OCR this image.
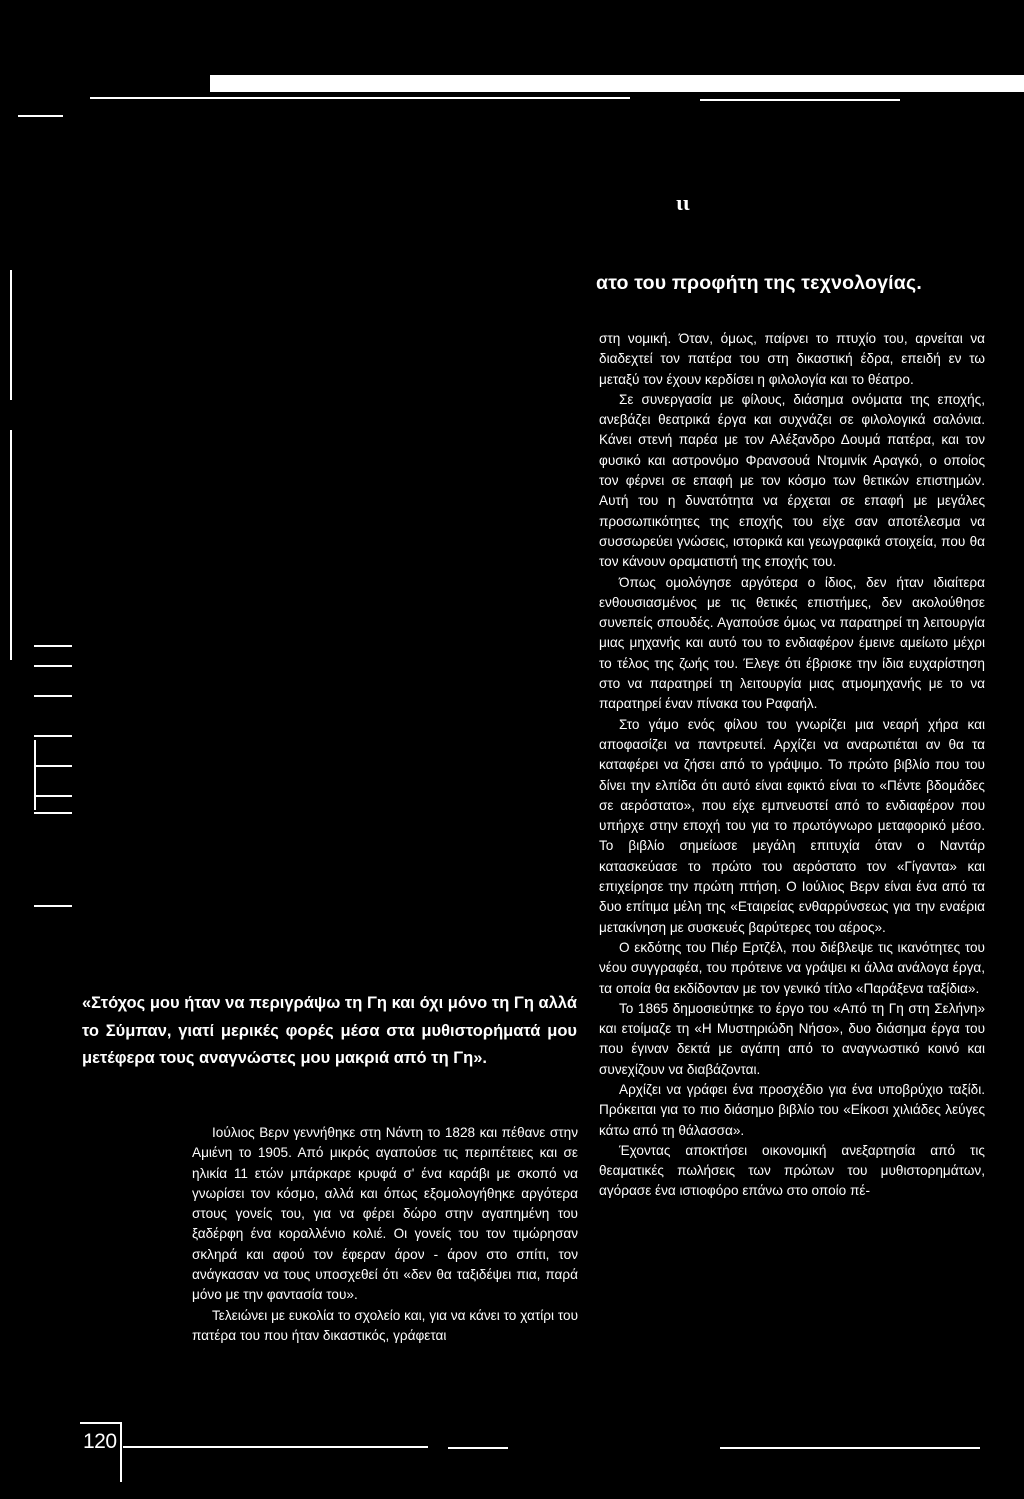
ιι
ατο του προφήτη της τεχνολογίας.

στη νομική. Όταν, όμως, παίρνει το πτυχίο του, αρνείται να διαδεχτεί τον πατέρα του στη δικαστική έδρα, επειδή εν τω μεταξύ τον έχουν κερδίσει η φιλολογία και το θέατρο.

Σε συνεργασία με φίλους, διάσημα ονόματα της εποχής, ανεβάζει θεατρικά έργα και συχνάζει σε φιλολογικά σαλόνια. Κάνει στενή παρέα με τον Αλέξανδρο Δουμά πατέρα, και τον φυσικό και αστρονόμο Φρανσουά Ντομινίκ Αραγκό, ο οποίος τον φέρνει σε επαφή με τον κόσμο των θετικών επιστημών. Αυτή του η δυνατότητα να έρχεται σε επαφή με μεγάλες προσωπικότητες της εποχής του είχε σαν αποτέλεσμα να συσσωρεύει γνώσεις, ιστορικά και γεωγραφικά στοιχεία, που θα τον κάνουν οραματιστή της εποχής του.

Όπως ομολόγησε αργότερα ο ίδιος, δεν ήταν ιδιαίτερα ενθουσιασμένος με τις θετικές επιστήμες, δεν ακολούθησε συνεπείς σπουδές. Αγαπούσε όμως να παρατηρεί τη λειτουργία μιας μηχανής και αυτό του το ενδιαφέρον έμεινε αμείωτο μέχρι το τέλος της ζωής του. Έλεγε ότι έβρισκε την ίδια ευχαρίστηση στο να παρατηρεί τη λειτουργία μιας ατμομηχανής με το να παρατηρεί έναν πίνακα του Ραφαήλ.

Στο γάμο ενός φίλου του γνωρίζει μια νεαρή χήρα και αποφασίζει να παντρευτεί. Αρχίζει να αναρωτιέται αν θα τα καταφέρει να ζήσει από το γράψιμο. Το πρώτο βιβλίο που του δίνει την ελπίδα ότι αυτό είναι εφικτό είναι το «Πέντε βδομάδες σε αερόστατο», που είχε εμπνευστεί από το ενδιαφέρον που υπήρχε στην εποχή του για το πρωτόγνωρο μεταφορικό μέσο. Το βιβλίο σημείωσε μεγάλη επιτυχία όταν ο Ναντάρ κατασκεύασε το πρώτο του αερόστατο τον «Γίγαντα» και επιχείρησε την πρώτη πτήση. Ο Ιούλιος Βερν είναι ένα από τα δυο επίτιμα μέλη της «Εταιρείας ενθαρρύνσεως για την εναέρια μετακίνηση με συσκευές βαρύτερες του αέρος».

Ο εκδότης του Πιέρ Ερτζέλ, που διέβλεψε τις ικανότητες του νέου συγγραφέα, του πρότεινε να γράψει κι άλλα ανάλογα έργα, τα οποία θα εκδίδονταν με τον γενικό τίτλο «Παράξενα ταξίδια».

Το 1865 δημοσιεύτηκε το έργο του «Από τη Γη στη Σελήνη» και ετοίμαζε τη «Η Μυστηριώδη Νήσο», δυο διάσημα έργα του που έγιναν δεκτά με αγάπη από το αναγνωστικό κοινό και συνεχίζουν να διαβάζονται.

Αρχίζει να γράφει ένα προσχέδιο για ένα υποβρύχιο ταξίδι. Πρόκειται για το πιο διάσημο βιβλίο του «Είκοσι χιλιάδες λεύγες κάτω από τη θάλασσα».

Έχοντας αποκτήσει οικονομική ανεξαρτησία από τις θεαματικές πωλήσεις των πρώτων του μυθιστορημάτων, αγόρασε ένα ιστιοφόρο επάνω στο οποίο πέ-

«Στόχος μου ήταν να περιγράψω τη Γη και όχι μόνο τη Γη αλλά το Σύμπαν, γιατί μερικές φορές μέσα στα μυθιστορήματά μου μετέφερα τους αναγνώστες μου μακριά από τη Γη».

Ιούλιος Βερν γεννήθηκε στη Νάντη το 1828 και πέθανε στην Αμιένη το 1905. Από μικρός αγαπούσε τις περιπέτειες και σε ηλικία 11 ετών μπάρκαρε κρυφά σ' ένα καράβι με σκοπό να γνωρίσει τον κόσμο, αλλά και όπως εξομολογήθηκε αργότερα στους γονείς του, για να φέρει δώρο στην αγαπημένη του ξαδέρφη ένα κοραλλένιο κολιέ. Οι γονείς του τον τιμώρησαν σκληρά και αφού τον έφεραν άρον - άρον στο σπίτι, τον ανάγκασαν να τους υποσχεθεί ότι «δεν θα ταξιδέψει πια, παρά μόνο με την φαντασία του».

Τελειώνει με ευκολία το σχολείο και, για να κάνει το χατίρι του πατέρα του που ήταν δικαστικός, γράφεται

120
